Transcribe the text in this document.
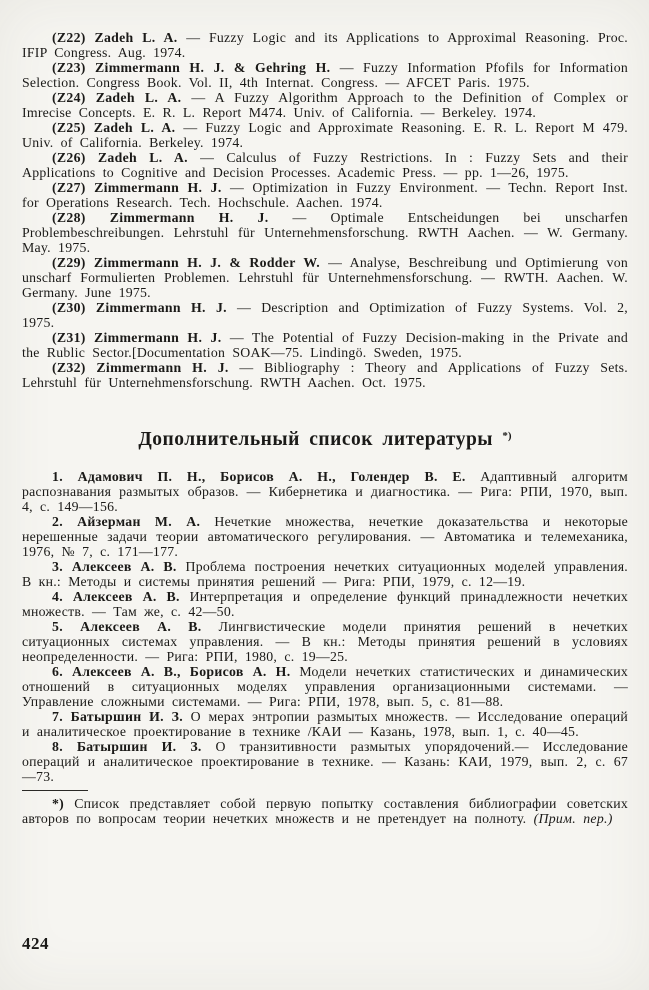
(Z22) Zadeh L. A. — Fuzzy Logic and its Applications to Approximal Reasoning. Proc. IFIP Congress. Aug. 1974.

(Z23) Zimmermann H. J. & Gehring H. — Fuzzy Information Pfofils for Information Selection. Congress Book. Vol. II, 4th Internat. Congress. — AFCET Paris. 1975.

(Z24) Zadeh L. A. — A Fuzzy Algorithm Approach to the Definition of Complex or Imrecise Concepts. E. R. L. Report M474. Univ. of California. — Berkeley. 1974.

(Z25) Zadeh L. A. — Fuzzy Logic and Approximate Reasoning. E. R. L. Report M 479. Univ. of California. Berkeley. 1974.

(Z26) Zadeh L. A. — Calculus of Fuzzy Restrictions. In : Fuzzy Sets and their Applications to Cognitive and Decision Processes. Academic Press. — pp. 1—26, 1975.

(Z27) Zimmermann H. J. — Optimization in Fuzzy Environment. — Techn. Report Inst. for Operations Research. Tech. Hochschule. Aachen. 1974.

(Z28) Zimmermann H. J. — Optimale Entscheidungen bei unscharfen Problembeschreibungen. Lehrstuhl für Unternehmensforschung. RWTH Aachen. — W. Germany. May. 1975.

(Z29) Zimmermann H. J. & Rodder W. — Analyse, Beschreibung und Optimierung von unscharf Formulierten Problemen. Lehrstuhl für Unternehmensforschung. — RWTH. Aachen. W. Germany. June 1975.

(Z30) Zimmermann H. J. — Description and Optimization of Fuzzy Systems. Vol. 2, 1975.

(Z31) Zimmermann H. J. — The Potential of Fuzzy Decision-making in the Private and the Rublic Sector.[Documentation SOAK—75. Lindingö. Sweden, 1975.

(Z32) Zimmermann H. J. — Bibliography : Theory and Applications of Fuzzy Sets. Lehrstuhl für Unternehmensforschung. RWTH Aachen. Oct. 1975.

Дополнительный список литературы *)

1. Адамович П. Н., Борисов А. Н., Голендер В. Е. Адаптивный алгоритм распознавания размытых образов. — Кибернетика и диагностика. — Рига: РПИ, 1970, вып. 4, с. 149—156.

2. Айзерман М. А. Нечеткие множества, нечеткие доказательства и некоторые нерешенные задачи теории автоматического регулирования. — Автоматика и телемеханика, 1976, № 7, с. 171—177.

3. Алексеев А. В. Проблема построения нечетких ситуационных моделей управления. В кн.: Методы и системы принятия решений — Рига: РПИ, 1979, с. 12—19.

4. Алексеев А. В. Интерпретация и определение функций принадлежности нечетких множеств. — Там же, с. 42—50.

5. Алексеев А. В. Лингвистические модели принятия решений в нечетких ситуационных системах управления. — В кн.: Методы принятия решений в условиях неопределенности. — Рига: РПИ, 1980, с. 19—25.

6. Алексеев А. В., Борисов А. Н. Модели нечетких статистических и динамических отношений в ситуационных моделях управления организационными системами. — Управление сложными системами. — Рига: РПИ, 1978, вып. 5, с. 81—88.

7. Батыршин И. З. О мерах энтропии размытых множеств. — Исследование операций и аналитическое проектирование в технике /КАИ — Казань, 1978, вып. 1, с. 40—45.

8. Батыршин И. З. О транзитивности размытых упорядочений.— Исследование операций и аналитическое проектирование в технике. — Казань: КАИ, 1979, вып. 2, с. 67—73.

*) Список представляет собой первую попытку составления библиографии советских авторов по вопросам теории нечетких множеств и не претендует на полноту. (Прим. пер.)

424
